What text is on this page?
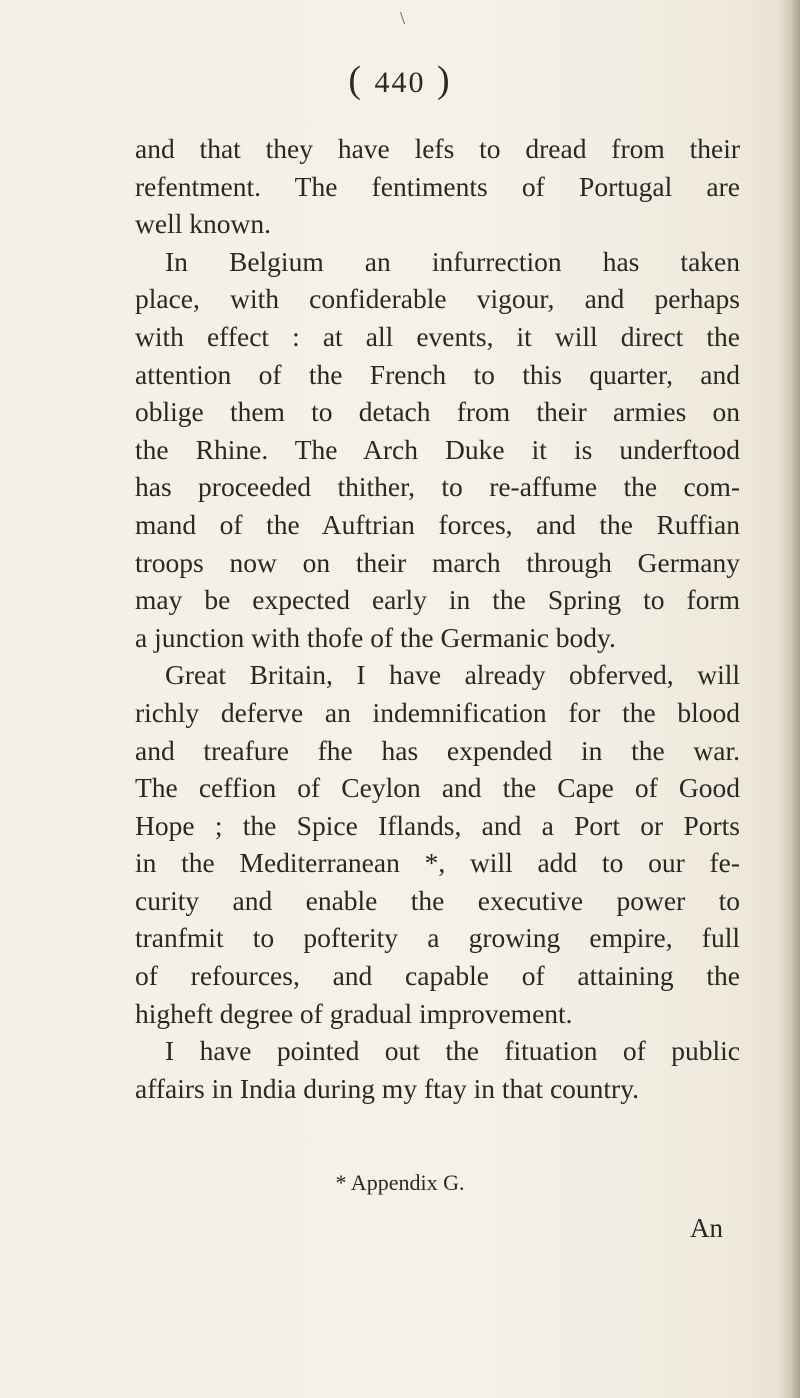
\
( 440 )
and that they have lefs to dread from their
refentment. The fentiments of Portugal are
well known.
In Belgium an infurrection has taken
place, with confiderable vigour, and perhaps
with effect : at all events, it will direct the
attention of the French to this quarter, and
oblige them to detach from their armies on
the Rhine. The Arch Duke it is underftood
has proceeded thither, to re-affume the com-
mand of the Auftrian forces, and the Ruffian
troops now on their march through Germany
may be expected early in the Spring to form
a junction with thofe of the Germanic body.
Great Britain, I have already obferved, will
richly deferve an indemnification for the blood
and treafure fhe has expended in the war.
The ceffion of Ceylon and the Cape of Good
Hope ; the Spice Iflands, and a Port or Ports
in the Mediterranean *, will add to our fe-
curity and enable the executive power to
tranfmit to pofterity a growing empire, full
of refources, and capable of attaining the
higheft degree of gradual improvement.
I have pointed out the fituation of public
affairs in India during my ftay in that country.
* Appendix G.
An
